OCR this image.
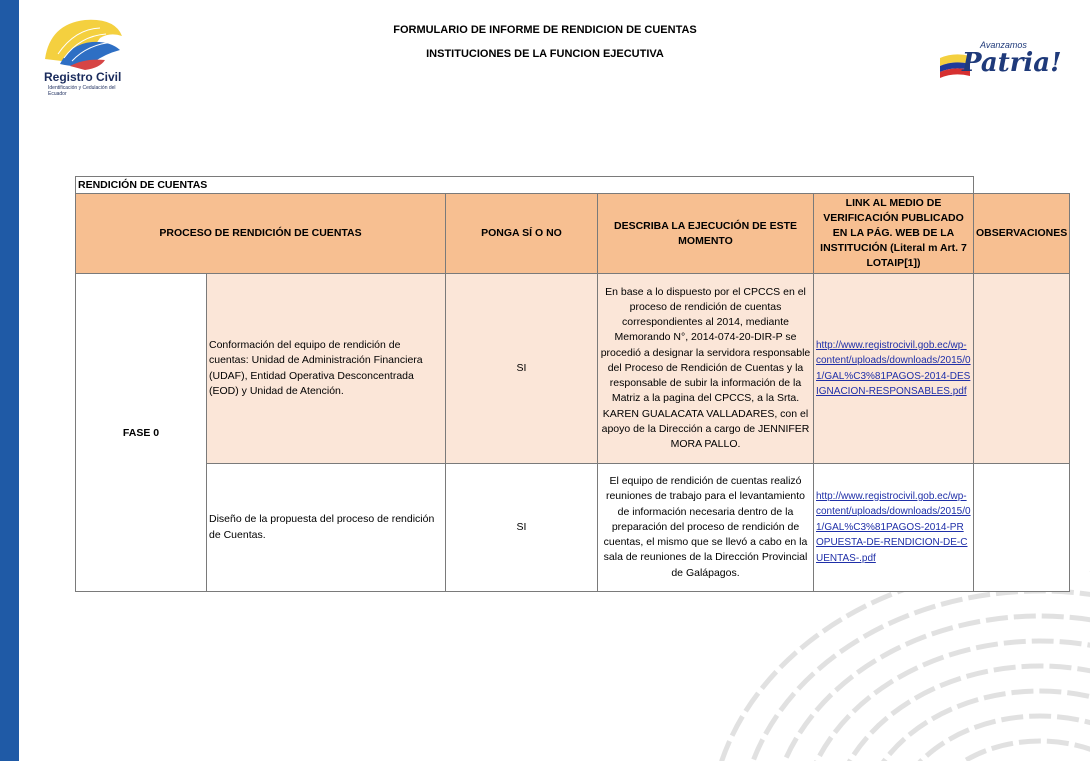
Registro Civil
Identificación y Cedulación del Ecuador
Avanzamos
Patria!
FORMULARIO DE INFORME DE RENDICION DE CUENTAS
INSTITUCIONES DE LA FUNCION EJECUTIVA
RENDICIÓN DE CUENTAS					
PROCESO DE RENDICIÓN DE CUENTAS		PONGA SÍ O NO	DESCRIBA LA EJECUCIÓN DE ESTE MOMENTO	LINK AL MEDIO DE VERIFICACIÓN PUBLICADO EN LA PÁG. WEB DE LA INSTITUCIÓN (Literal m Art. 7 LOTAIP[1])	OBSERVACIONES
FASE 0	Conformación del equipo de rendición de cuentas: Unidad de Administración Financiera (UDAF), Entidad Operativa Desconcentrada (EOD) y Unidad de Atención.	SI	En base a lo dispuesto por el CPCCS en el proceso de rendición de cuentas correspondientes al 2014, mediante Memorando N°, 2014-074-20-DIR-P se procedió a designar la servidora responsable del Proceso de Rendición de Cuentas y la responsable de subir la información de la Matriz a la pagina del CPCCS, a la Srta. KAREN GUALACATA VALLADARES, con el apoyo de la Dirección a cargo de JENNIFER MORA PALLO.	http://www.registrocivil.gob.ec/wp-content/uploads/downloads/2015/01/GAL%C3%81PAGOS-2014-DESIGNACION-RESPONSABLES.pdf	

	Diseño de la propuesta del proceso de rendición de Cuentas.	SI	El equipo de rendición de cuentas realizó reuniones de trabajo para el levantamiento de información necesaria dentro de la preparación del proceso de rendición de cuentas, el mismo que se llevó a cabo en la sala de reuniones de la Dirección Provincial de Galápagos.	http://www.registrocivil.gob.ec/wp-content/uploads/downloads/2015/01/GAL%C3%81PAGOS-2014-PROPUESTA-DE-RENDICION-DE-CUENTAS-.pdf	
